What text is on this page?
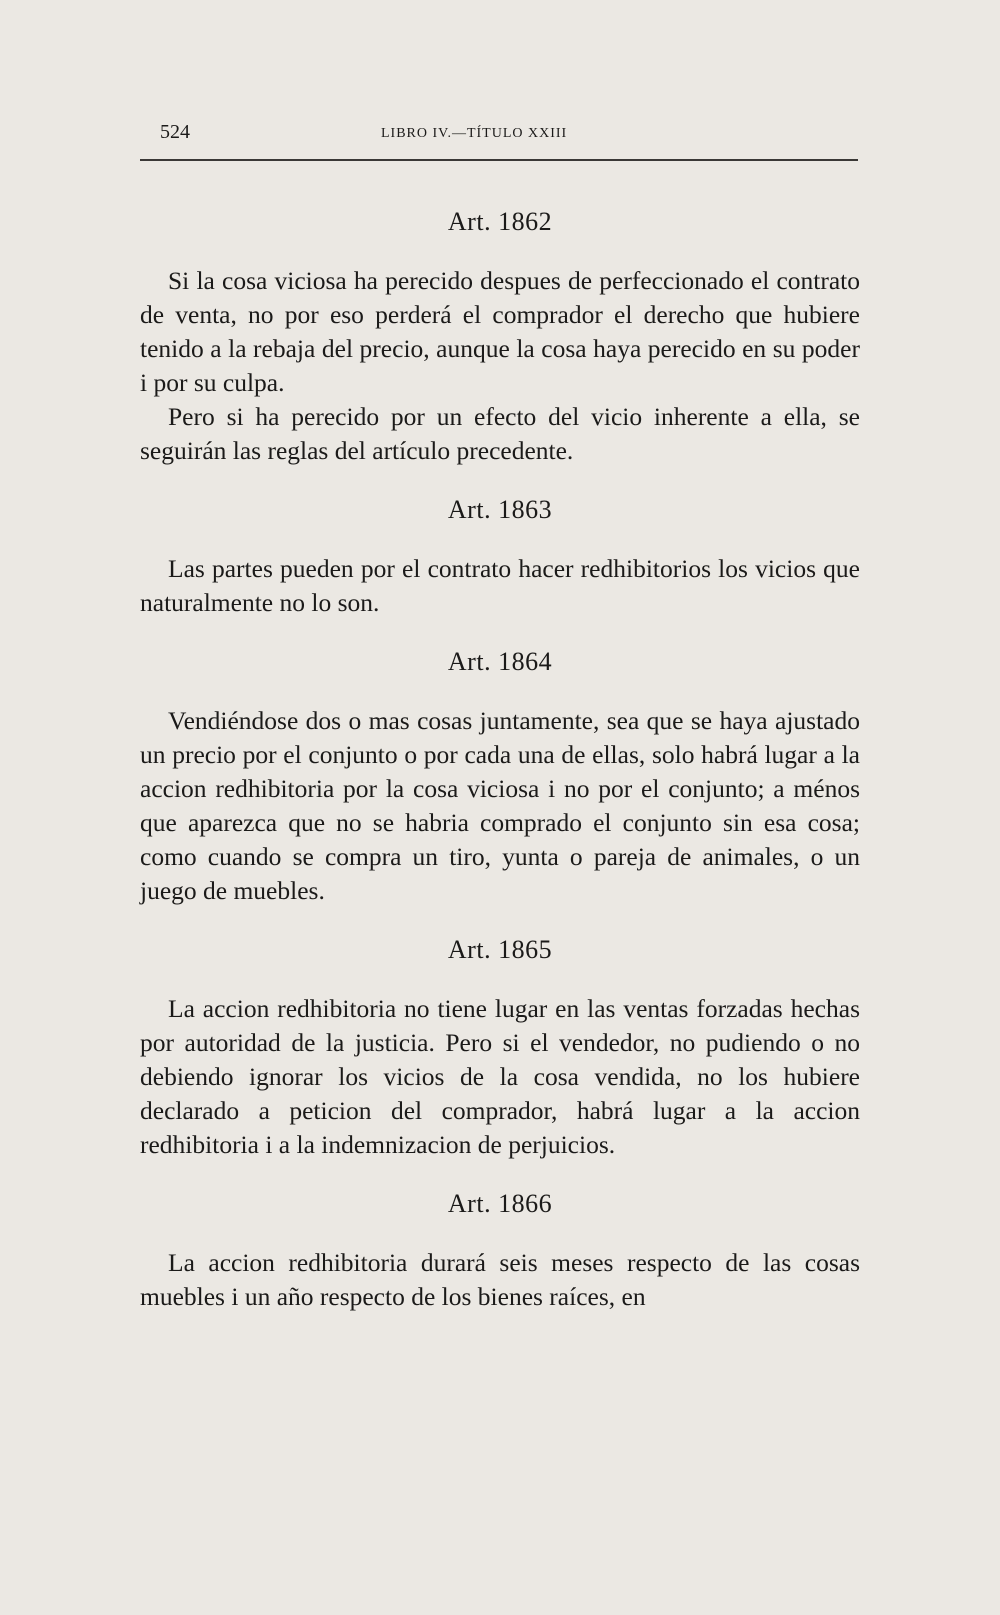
524	LIBRO IV.—TÍTULO XXIII
Art. 1862

Si la cosa viciosa ha perecido despues de perfeccionado el contrato de venta, no por eso perderá el comprador el derecho que hubiere tenido a la rebaja del precio, aunque la cosa haya perecido en su poder i por su culpa.

Pero si ha perecido por un efecto del vicio inherente a ella, se seguirán las reglas del artículo precedente.

Art. 1863

Las partes pueden por el contrato hacer redhibitorios los vicios que naturalmente no lo son.

Art. 1864

Vendiéndose dos o mas cosas juntamente, sea que se haya ajustado un precio por el conjunto o por cada una de ellas, solo habrá lugar a la accion redhibitoria por la cosa viciosa i no por el conjunto; a ménos que aparezca que no se habria comprado el conjunto sin esa cosa; como cuando se compra un tiro, yunta o pareja de animales, o un juego de muebles.

Art. 1865

La accion redhibitoria no tiene lugar en las ventas forzadas hechas por autoridad de la justicia. Pero si el vendedor, no pudiendo o no debiendo ignorar los vicios de la cosa vendida, no los hubiere declarado a peticion del comprador, habrá lugar a la accion redhibitoria i a la indemnizacion de perjuicios.

Art. 1866

La accion redhibitoria durará seis meses respecto de las cosas muebles i un año respecto de los bienes raíces, en
